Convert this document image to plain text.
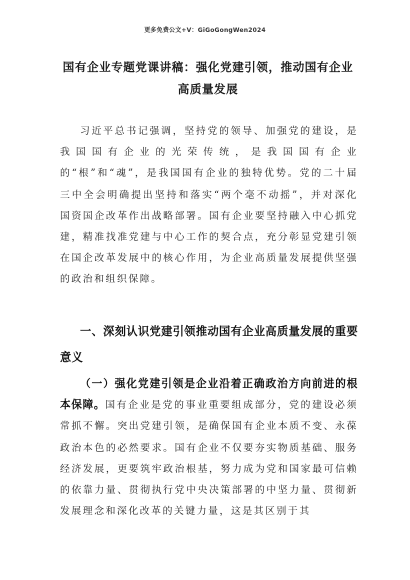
更多免费公文+V：GiGoGongWen2024
国有企业专题党课讲稿：强化党建引领，推动国有企业高质量发展
习近平总书记强调，坚持党的领导、加强党的建设，是我国国有企业的光荣传统，是我国国有企业的“根”和“魂”，是我国国有企业的独特优势。党的二十届三中全会明确提出坚持和落实“两个毫不动摇”，并对深化国资国企改革作出战略部署。国有企业要坚持融入中心抓党建，精准找准党建与中心工作的契合点，充分彰显党建引领在国企改革发展中的核心作用，为企业高质量发展提供坚强的政治和组织保障。
一、深刻认识党建引领推动国有企业高质量发展的重要意义
（一）强化党建引领是企业沿着正确政治方向前进的根本保障。国有企业是党的事业重要组成部分，党的建设必须常抓不懈。突出党建引领，是确保国有企业本质不变、永葆政治本色的必然要求。国有企业不仅要夯实物质基础、服务经济发展，更要筑牢政治根基，努力成为党和国家最可信赖的依靠力量、贯彻执行党中央决策部署的中坚力量、贯彻新发展理念和深化改革的关键力量，这是其区别于其
